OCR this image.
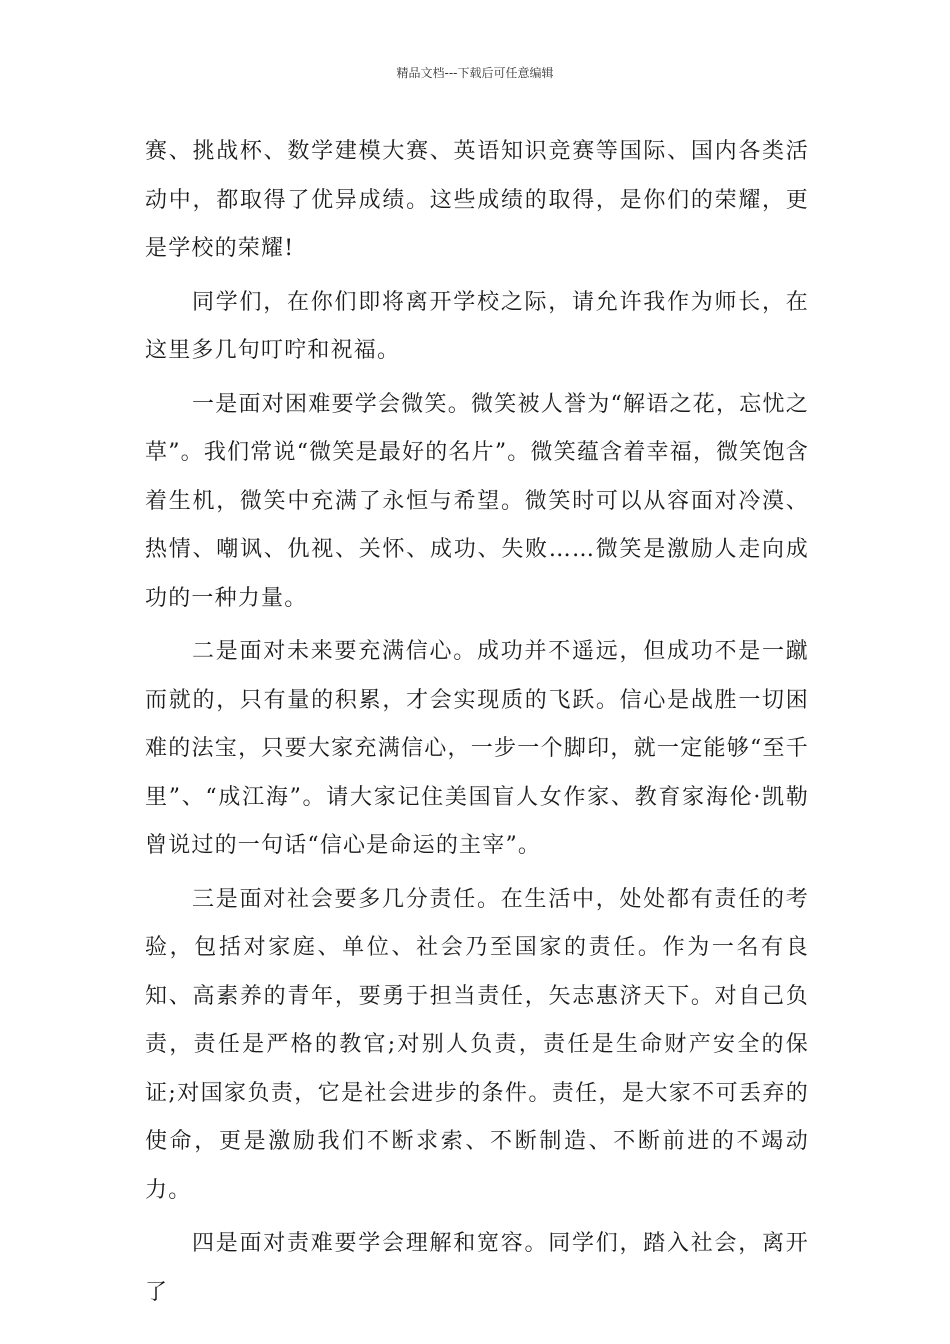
精品文档---下载后可任意编辑

赛、挑战杯、数学建模大赛、英语知识竞赛等国际、国内各类活动中，都取得了优异成绩。这些成绩的取得，是你们的荣耀，更是学校的荣耀!

同学们，在你们即将离开学校之际，请允许我作为师长，在这里多几句叮咛和祝福。

一是面对困难要学会微笑。微笑被人誉为“解语之花，忘忧之草”。我们常说“微笑是最好的名片”。微笑蕴含着幸福，微笑饱含着生机，微笑中充满了永恒与希望。微笑时可以从容面对冷漠、热情、嘲讽、仇视、关怀、成功、失败……微笑是激励人走向成功的一种力量。

二是面对未来要充满信心。成功并不遥远，但成功不是一蹴而就的，只有量的积累，才会实现质的飞跃。信心是战胜一切困难的法宝，只要大家充满信心，一步一个脚印，就一定能够“至千里”、“成江海”。请大家记住美国盲人女作家、教育家海伦·凯勒曾说过的一句话“信心是命运的主宰”。

三是面对社会要多几分责任。在生活中，处处都有责任的考验，包括对家庭、单位、社会乃至国家的责任。作为一名有良知、高素养的青年，要勇于担当责任，矢志惠济天下。对自己负责，责任是严格的教官;对别人负责，责任是生命财产安全的保证;对国家负责，它是社会进步的条件。责任，是大家不可丢弃的使命，更是激励我们不断求索、不断制造、不断前进的不竭动力。

四是面对责难要学会理解和宽容。同学们，踏入社会，离开了
